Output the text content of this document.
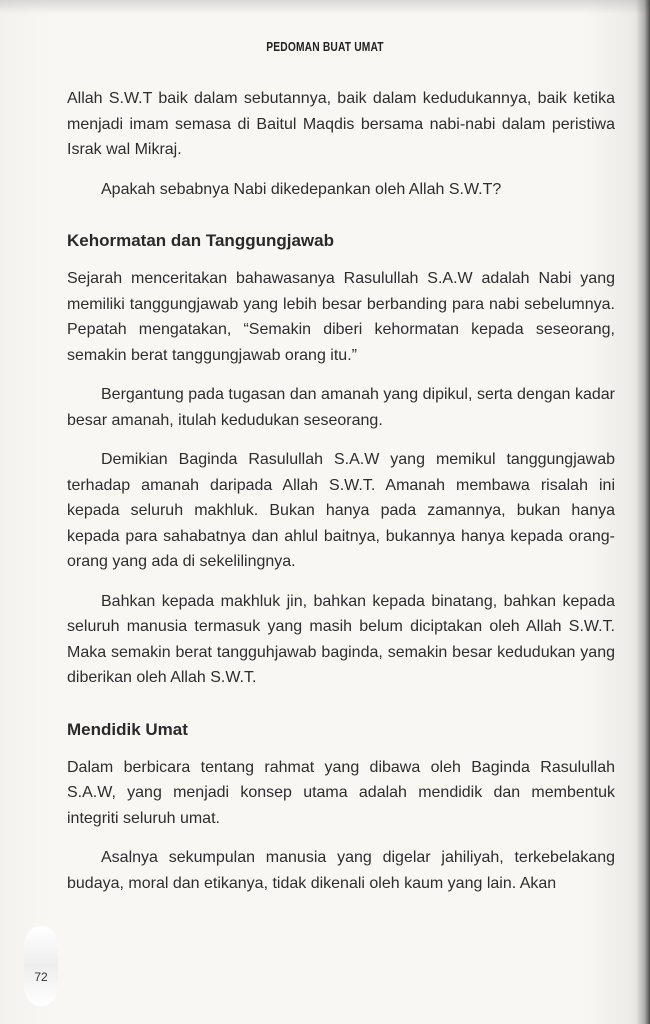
PEDOMAN BUAT UMAT

Allah S.W.T baik dalam sebutannya, baik dalam kedudukannya, baik ketika menjadi imam semasa di Baitul Maqdis bersama nabi-nabi dalam peristiwa Israk wal Mikraj.

Apakah sebabnya Nabi dikedepankan oleh Allah S.W.T?

Kehormatan dan Tanggungjawab

Sejarah menceritakan bahawasanya Rasulullah S.A.W adalah Nabi yang memiliki tanggungjawab yang lebih besar berbanding para nabi sebelumnya. Pepatah mengatakan, “Semakin diberi kehormatan kepada seseorang, semakin berat tanggungjawab orang itu.”

Bergantung pada tugasan dan amanah yang dipikul, serta dengan kadar besar amanah, itulah kedudukan seseorang.

Demikian Baginda Rasulullah S.A.W yang memikul tanggungjawab terhadap amanah daripada Allah S.W.T. Amanah membawa risalah ini kepada seluruh makhluk. Bukan hanya pada zamannya, bukan hanya kepada para sahabatnya dan ahlul baitnya, bukannya hanya kepada orang-orang yang ada di sekelilingnya.

Bahkan kepada makhluk jin, bahkan kepada binatang, bahkan kepada seluruh manusia termasuk yang masih belum diciptakan oleh Allah S.W.T. Maka semakin berat tangguhjawab baginda, semakin besar kedudukan yang diberikan oleh Allah S.W.T.

Mendidik Umat

Dalam berbicara tentang rahmat yang dibawa oleh Baginda Rasulullah S.A.W, yang menjadi konsep utama adalah mendidik dan membentuk integriti seluruh umat.

Asalnya sekumpulan manusia yang digelar jahiliyah, terkebelakang budaya, moral dan etikanya, tidak dikenali oleh kaum yang lain. Akan

72
